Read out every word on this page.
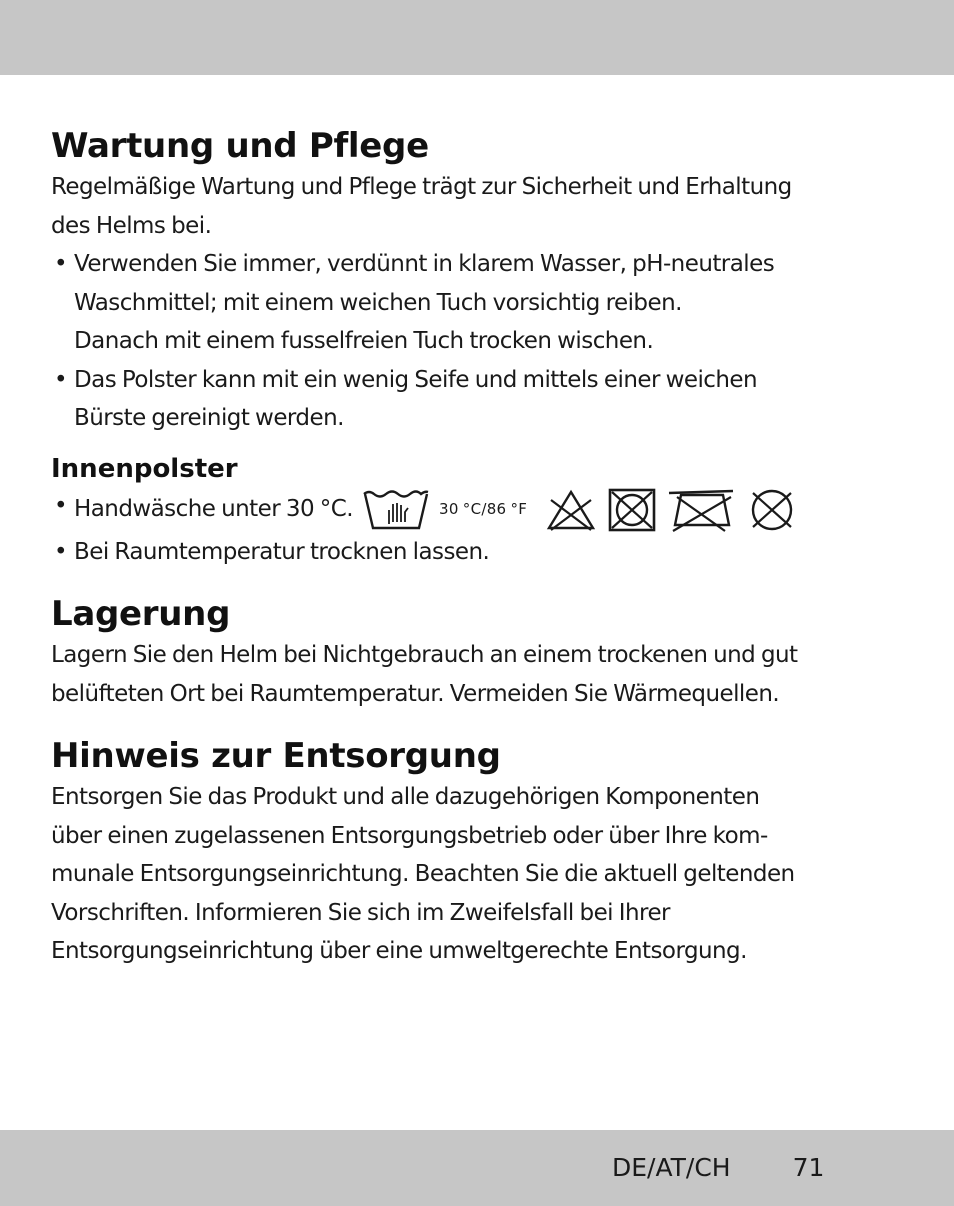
Wartung und Pflege

Regelmäßige Wartung und Pflege trägt zur Sicherheit und Erhaltung
des Helms bei.

• Verwenden Sie immer, verdünnt in klarem Wasser, pH-neutrales
Waschmittel; mit einem weichen Tuch vorsichtig reiben.
Danach mit einem fusselfreien Tuch trocken wischen.
• Das Polster kann mit ein wenig Seife und mittels einer weichen
Bürste gereinigt werden.
Innenpolster
• Handwäsche unter 30 °C.	30 °C/86 °F
• Bei Raumtemperatur trocknen lassen.
Lagerung

Lagern Sie den Helm bei Nichtgebrauch an einem trockenen und gut
belüfteten Ort bei Raumtemperatur. Vermeiden Sie Wärmequellen.

Hinweis zur Entsorgung

Entsorgen Sie das Produkt und alle dazugehörigen Komponenten
über einen zugelassenen Entsorgungsbetrieb oder über Ihre kom-
munale Entsorgungseinrichtung. Beachten Sie die aktuell geltenden
Vorschriften. Informieren Sie sich im Zweifelsfall bei Ihrer
Entsorgungseinrichtung über eine umweltgerechte Entsorgung.

DE/AT/CH 71
